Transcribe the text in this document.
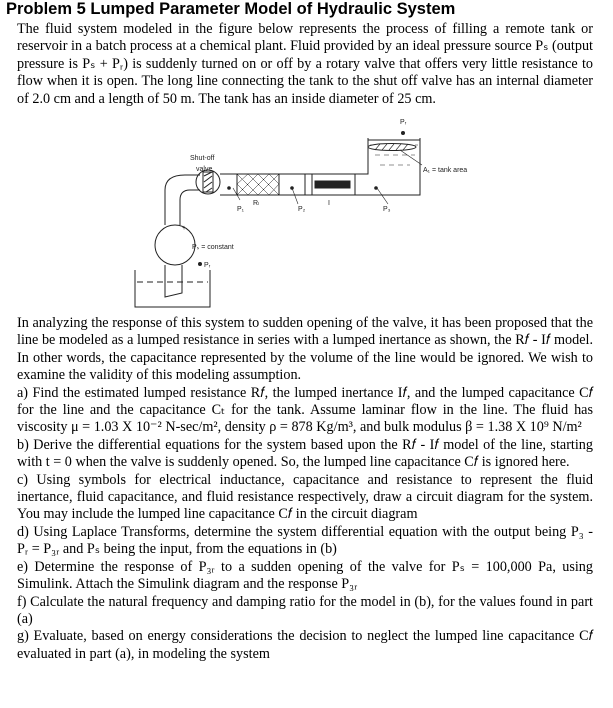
Problem 5 Lumped Parameter Model of Hydraulic System

The fluid system modeled in the figure below represents the process of filling a remote tank or reservoir in a batch process at a chemical plant. Fluid provided by an ideal pressure source Pₛ (output pressure is Pₛ + Pᵣ) is suddenly turned on or off by a rotary valve that offers very little resistance to flow when it is open. The long line connecting the tank to the shut off valve has an internal diameter of 2.0 cm and a length of 50 m. The tank has an inside diameter of 25 cm.

Pᵣ
Shut-off
valve	A₁ = tank area
Rₗ
P₁	P₂
I
P₃
+
Pₛ = constant
Pᵣ
In analyzing the response of this system to sudden opening of the valve, it has been proposed that the line be modeled as a lumped resistance in series with a lumped inertance as shown, the R𝑓 - I𝑓 model. In other words, the capacitance represented by the volume of the line would be ignored. We wish to examine the validity of this modeling assumption.
a) Find the estimated lumped resistance R𝑓, the lumped inertance I𝑓, and the lumped capacitance C𝑓 for the line and the capacitance Cₜ for the tank. Assume laminar flow in the line. The fluid has viscosity μ = 1.03 X 10⁻² N-sec/m², density ρ = 878 Kg/m³, and bulk modulus β = 1.38 X 10⁹ N/m²
b) Derive the differential equations for the system based upon the R𝑓 - I𝑓 model of the line, starting with t = 0 when the valve is suddenly opened. So, the lumped line capacitance C𝑓 is ignored here.
c) Using symbols for electrical inductance, capacitance and resistance to represent the fluid inertance, fluid capacitance, and fluid resistance respectively, draw a circuit diagram for the system. You may include the lumped line capacitance C𝑓 in the circuit diagram
d) Using Laplace Transforms, determine the system differential equation with the output being P₃ - Pᵣ = P₃ᵣ and Pₛ being the input, from the equations in (b)
e) Determine the response of P₃ᵣ to a sudden opening of the valve for Pₛ = 100,000 Pa, using Simulink. Attach the Simulink diagram and the response P₃ᵣ
f) Calculate the natural frequency and damping ratio for the model in (b), for the values found in part (a)
g) Evaluate, based on energy considerations the decision to neglect the lumped line capacitance C𝑓 evaluated in part (a), in modeling the system
